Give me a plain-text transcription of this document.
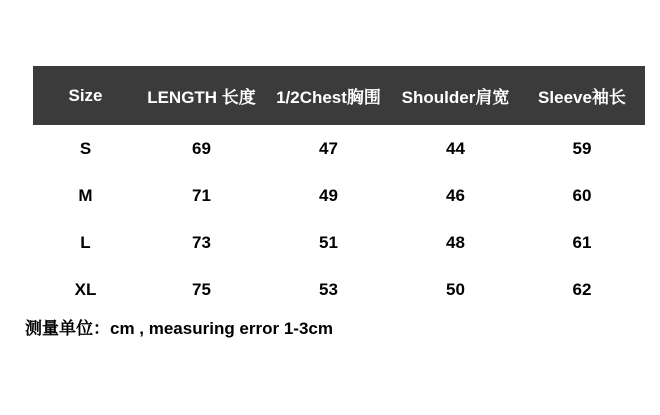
Size	LENGTH 长度	1/2Chest胸围	Shoulder肩宽	Sleeve袖长
S	69	47	44	59
M	71	49	46	60
L	73	51	48	61
XL	75	53	50	62
测量单位：cm , measuring error 1-3cm
